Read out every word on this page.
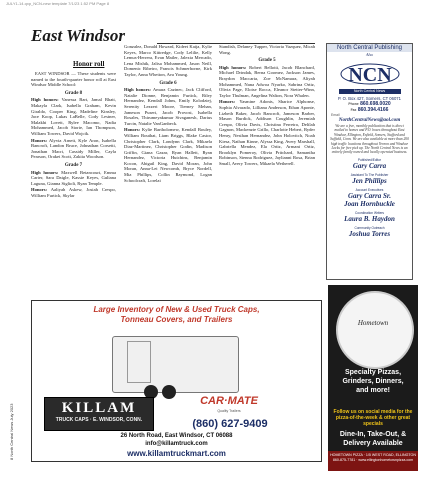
JULY1-14.qxp_NCN-new template 7/1/23 1:52 PM Page 8
8 North Central News July 2023
East Windsor
Honor roll

EAST WINDSOR — These students were named to the fourth-quarter honor roll at East Windsor Middle School:

Grade 8

High honors: Vanessa Bart, Jamal Bhatt, Makayla Clark, Isabella Graham, Kevin Giraldo, Cooper King, Madeline Kinsley, Jace Koop, Lukas LaBelle, Cody Lestner, Malakhi Lovett, Rylee Macomo, Nadia Mohammed, Jacob Storie, Ian Thompson, William Towers, David Wojcik.

Honors: Alyvia Arnett, Kyle Aron, Isabella Bancroft, Landon Bruce, Johnathan Corsetti, Jonathan Macri, Cassidy Miller, Cayla Pearson, Orakei Scott, Zakiia Woodson.

Grade 7

High honors: Maxwell Betancourt, Emma Carter, Sara Daigle, Kassie Keyes, Guliana Laguna, Gianna Siglioli, Ryan Temple.

Honors: Aaliyah Askew, Josiah Crespo, William Furtick, Skylar

Gonzalez, Donald Howard, Kideet Kaija, Kylie Keyes, Marco Kittredge, Cody Lelilie, Kelly Lemus-Herrera, Evan Mailer, Jalexia Mercado, Lena Mishik, Jalisa Mohammed, Jason Neill, Domenic Ribeiro, Francis Schmerhorne, Kirk Taylor, Anna Whetton, Ava Young.

Grade 6

High honors: Amara Cazinec, Jack Clifford, Natalie Dionne, Benjamin Furtick, Riley Hernandez, Kendall Johns, Emily Kolodziej, Serenity Lezzeri Moore, Tierney Mehan, Jameson Puseri, Jacob Provost, Isabella Rosales, Thirumeyakumar Sivaganesh, Darius Turcin, Natalie VanGanbeck.

Honors: Kylie Bartholomew, Kendall Bouley, William Bouthat, Liam Briggs, Blake Castor, Christopher Clark, Londynn Clark, Mikaela Diaz-Martinez, Christopher Godin, Madison Griffin, Giana Gazar, Ryan Hallett, Ryan Hernandez, Victoria Hutchins, Benjamin Kocon, Abigail King, David Moran, John Moran, Anna-Lei Newcomb, Bryce Nordell, Mia Phillips, Collin Raymond, Logan Schoolcraft, Lorelai

Standish, Delaney Tupper, Victoria Vazquez, Micah Wong.

Grade 5

High honors: Robert Bellotti, Jacob Blanchard, Michael Drindak, Berna Goomez, Jackson James, Braydon Maccaria, Zoe McNamara, Aliyah Mohammed, Nana Adwoa Nyarko, Sabrina Ortiz, Olivia Page, Eloise Rocca, Eleanor Stetter-Winn, Taylor Thulman, Angelina Walton, Nora Whalen.

Honors: Yasmine Adonis, Sharice Alphonse, Sophia Alvarado, Lilliana Anderson, Ethan Aponte, Lizbeth Baker, Jacob Bancroft, Jameson Barber, Mason Burdick, Addison Coughlin, Jeremiah Crespo, Olivia Davis, Christina Ferreira, Delilah Gagnon, Mackenzie Grillo, Charlotte Hebert, Ryder Henry, Nesthan Hernandez, John Holovitch, Noah Kiesa, Nathan Kinne, Alyssa King, Avery Marshall, Gabriella Mendez, Ela Ortiz, Armani Ortiz, Brooklyn Pomeroy, Olivia Pritchard, Samantha Robinson, Sienna Rodriguez, Jaylianni Rosa, Brian Small, Avery Towers, Mikaela Wetherell.

North Central Publishing
Also
NCN
North Central News
P. O. Box 427, Somers, CT 06071
Phone 860.698.0020
Fax 860.394.4166
Email
NorthCentralNews@aol.com
We are a free, monthly publication that is direct mailed to homes and P.O. boxes throughout East Windsor, Ellington, Enfield, Somers, Stafford and Suffield, Conn. We are also available at more than 200 high traffic locations throughout Vernon and Windsor Locks for free pick up. The North Central News is an entirely family owned and locally operated business.
Published/Editor
Gary Carra
Assistant To The Publisher
Jen Phillips
Account Executives
Gary Carra Sr.
Joan Hornbuckle
Coordination Writers
Laura B. Haydon
Community Outreach
Joshua Torres
Large Inventory of New & Used Truck Caps,
Tonneau Covers, and Trailers
KILLAM
TRUCK CAPS · E. WINDSOR, CONN.
CAR·MATE
Quality Trailers
(860) 627-9409
26 North Road, East Windsor, CT 06088
info@killamtruck.com
www.killamtruckmart.com
Hometown
Specialty Pizzas,
Grinders, Dinners,
and more!
Follow us on social media for the pizza-of-the-week & other great specials
Dine-In, Take-Out, &
Delivery Available
HOMETOWN PIZZA · 1/5 WEST ROAD, ELLINGTON
860-875-7781 · www.ellingtonhometownpizza.com
